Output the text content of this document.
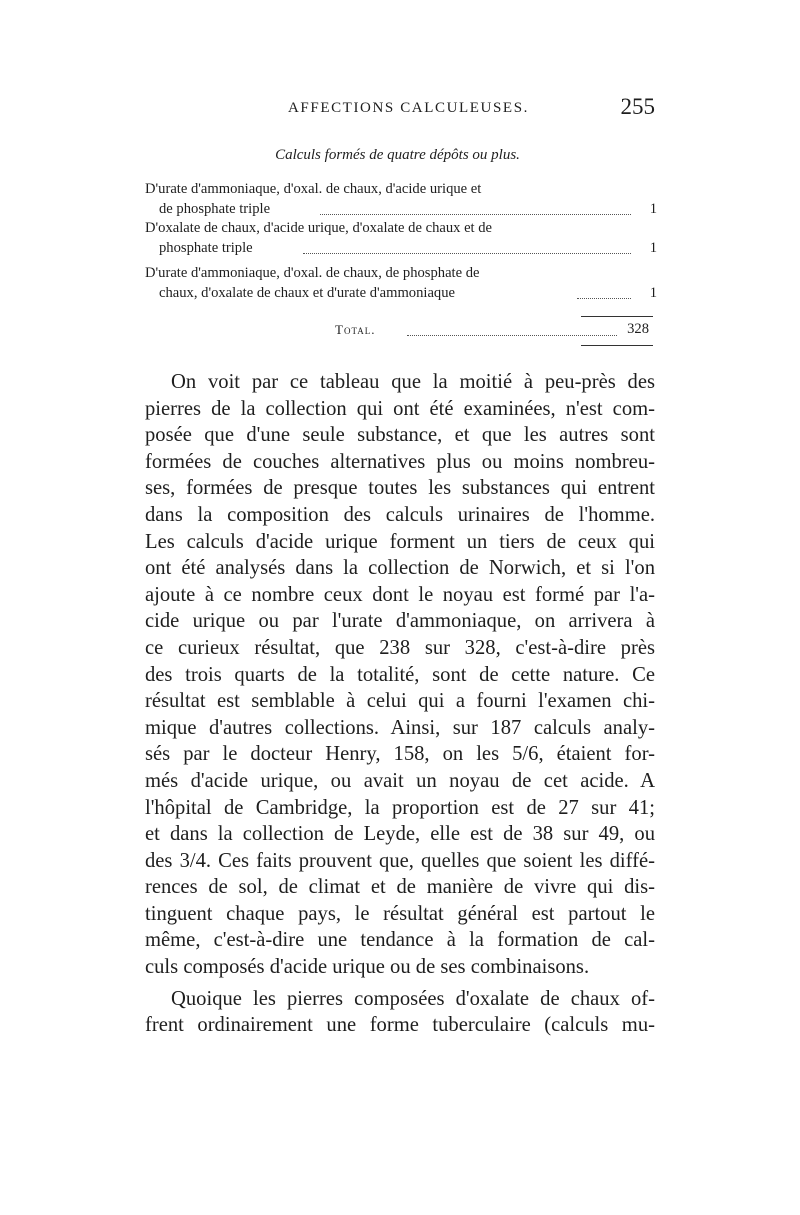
AFFECTIONS CALCULEUSES.	255
Calculs formés de quatre dépôts ou plus.
D'urate d'ammoniaque, d'oxal. de chaux, d'acide urique et
de phosphate triple	1
D'oxalate de chaux, d'acide urique, d'oxalate de chaux et de
phosphate triple	1
D'urate d'ammoniaque, d'oxal. de chaux, de phosphate de
chaux, d'oxalate de chaux et d'urate d'ammoniaque	1
Total.	328
On voit par ce tableau que la moitié à peu-près des
pierres de la collection qui ont été examinées, n'est com-
posée que d'une seule substance, et que les autres sont
formées de couches alternatives plus ou moins nombreu-
ses, formées de presque toutes les substances qui entrent
dans la composition des calculs urinaires de l'homme.
Les calculs d'acide urique forment un tiers de ceux qui
ont été analysés dans la collection de Norwich, et si l'on
ajoute à ce nombre ceux dont le noyau est formé par l'a-
cide urique ou par l'urate d'ammoniaque, on arrivera à
ce curieux résultat, que 238 sur 328, c'est-à-dire près
des trois quarts de la totalité, sont de cette nature. Ce
résultat est semblable à celui qui a fourni l'examen chi-
mique d'autres collections. Ainsi, sur 187 calculs analy-
sés par le docteur Henry, 158, on les 5/6, étaient for-
més d'acide urique, ou avait un noyau de cet acide. A
l'hôpital de Cambridge, la proportion est de 27 sur 41;
et dans la collection de Leyde, elle est de 38 sur 49, ou
des 3/4. Ces faits prouvent que, quelles que soient les diffé-
rences de sol, de climat et de manière de vivre qui dis-
tinguent chaque pays, le résultat général est partout le
même, c'est-à-dire une tendance à la formation de cal-
culs composés d'acide urique ou de ses combinaisons.
Quoique les pierres composées d'oxalate de chaux of-
frent ordinairement une forme tuberculaire (calculs mu-
